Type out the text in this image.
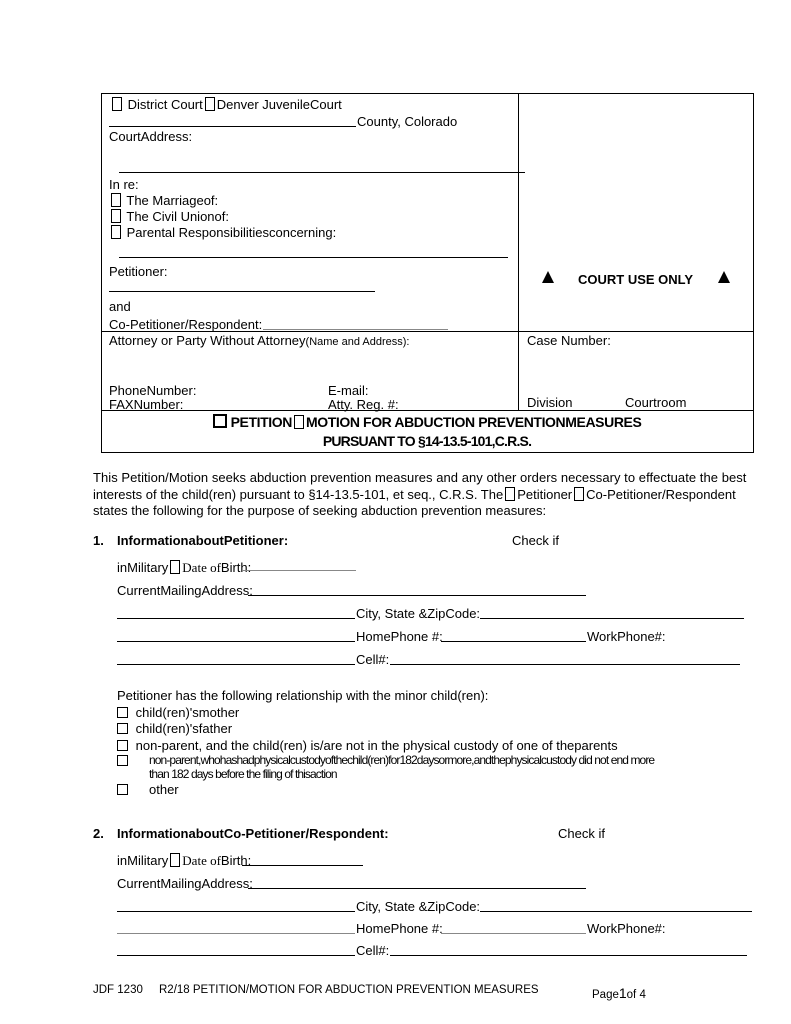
District Court Denver JuvenileCourt
County, Colorado
CourtAddress:
In re:
The Marriageof:
The Civil Unionof:
Parental Responsibilitiesconcerning:
Petitioner:
and
Co-Petitioner/Respondent:
COURT USE ONLY
Attorney or Party Without Attorney(Name and Address):	Case Number:
PhoneNumber:	E-mail:
FAXNumber:	Atty. Reg. #:	Division	Courtroom
PETITION MOTION FOR ABDUCTION PREVENTIONMEASURES
PURSUANT TO §14-13.5-101,C.R.S.
This Petition/Motion seeks abduction prevention measures and any other orders necessary to effectuate the best
interests of the child(ren) pursuant to §14-13.5-101, et seq., C.R.S. The Petitioner Co-Petitioner/Respondent
states the following for the purpose of seeking abduction prevention measures:
1. InformationaboutPetitioner:	Check if
inMilitary Date ofBirth:
CurrentMailingAddress:
City, State &ZipCode:
HomePhone #:	WorkPhone#:
Cell#:
Petitioner has the following relationship with the minor child(ren):
child(ren)'smother
child(ren)'sfather
non-parent, and the child(ren) is/are not in the physical custody of one of theparents
non-parent,whohashadphysicalcustodyofthechild(ren)for182daysormore,andthephysicalcustody did not end more
than 182 days before the filing of thisaction
other
2. InformationaboutCo-Petitioner/Respondent:	Check if
inMilitary Date ofBirth:
CurrentMailingAddress:
City, State &ZipCode:
HomePhone #:	WorkPhone#:
Cell#:
JDF 1230 R2/18 PETITION/MOTION FOR ABDUCTION PREVENTION MEASURES	Page1of 4
